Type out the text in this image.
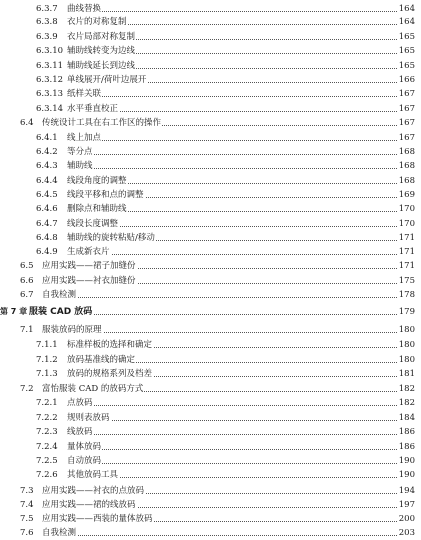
6.3.7 曲线替换	164
6.3.8 衣片的对称复制	164
6.3.9 衣片局部对称复制	165
6.3.10 辅助线转变为边线	165
6.3.11 辅助线延长到边线	165
6.3.12 单线展开/荷叶边展开	166
6.3.13 纸样关联	167
6.3.14 水平垂直校正	167
6.4 传统设计工具在右工作区的操作	167
6.4.1 线上加点	167
6.4.2 等分点	168
6.4.3 辅助线	168
6.4.4 线段角度的调整	168
6.4.5 线段平移和点的调整	169
6.4.6 删除点和辅助线	170
6.4.7 线段长度调整	170
6.4.8 辅助线的旋转粘贴/移动	171
6.4.9 生成新衣片	171
6.5 应用实践——裙子加缝份	171
6.6 应用实践——衬衣加缝份	175
6.7 自我检测	178
第 7 章 服装 CAD 放码	179
7.1 服装放码的原理	180
7.1.1 标准样板的选择和确定	180
7.1.2 放码基准线的确定	180
7.1.3 放码的规格系列及档差	181
7.2 富怡服装 CAD 的放码方式	182
7.2.1 点放码	182
7.2.2 规则表放码	184
7.2.3 线放码	186
7.2.4 量体放码	186
7.2.5 自动放码	190
7.2.6 其他放码工具	190
7.3 应用实践——衬衣的点放码	194
7.4 应用实践——裙的线放码	197
7.5 应用实践——西装的量体放码	200
7.6 自我检测	203
